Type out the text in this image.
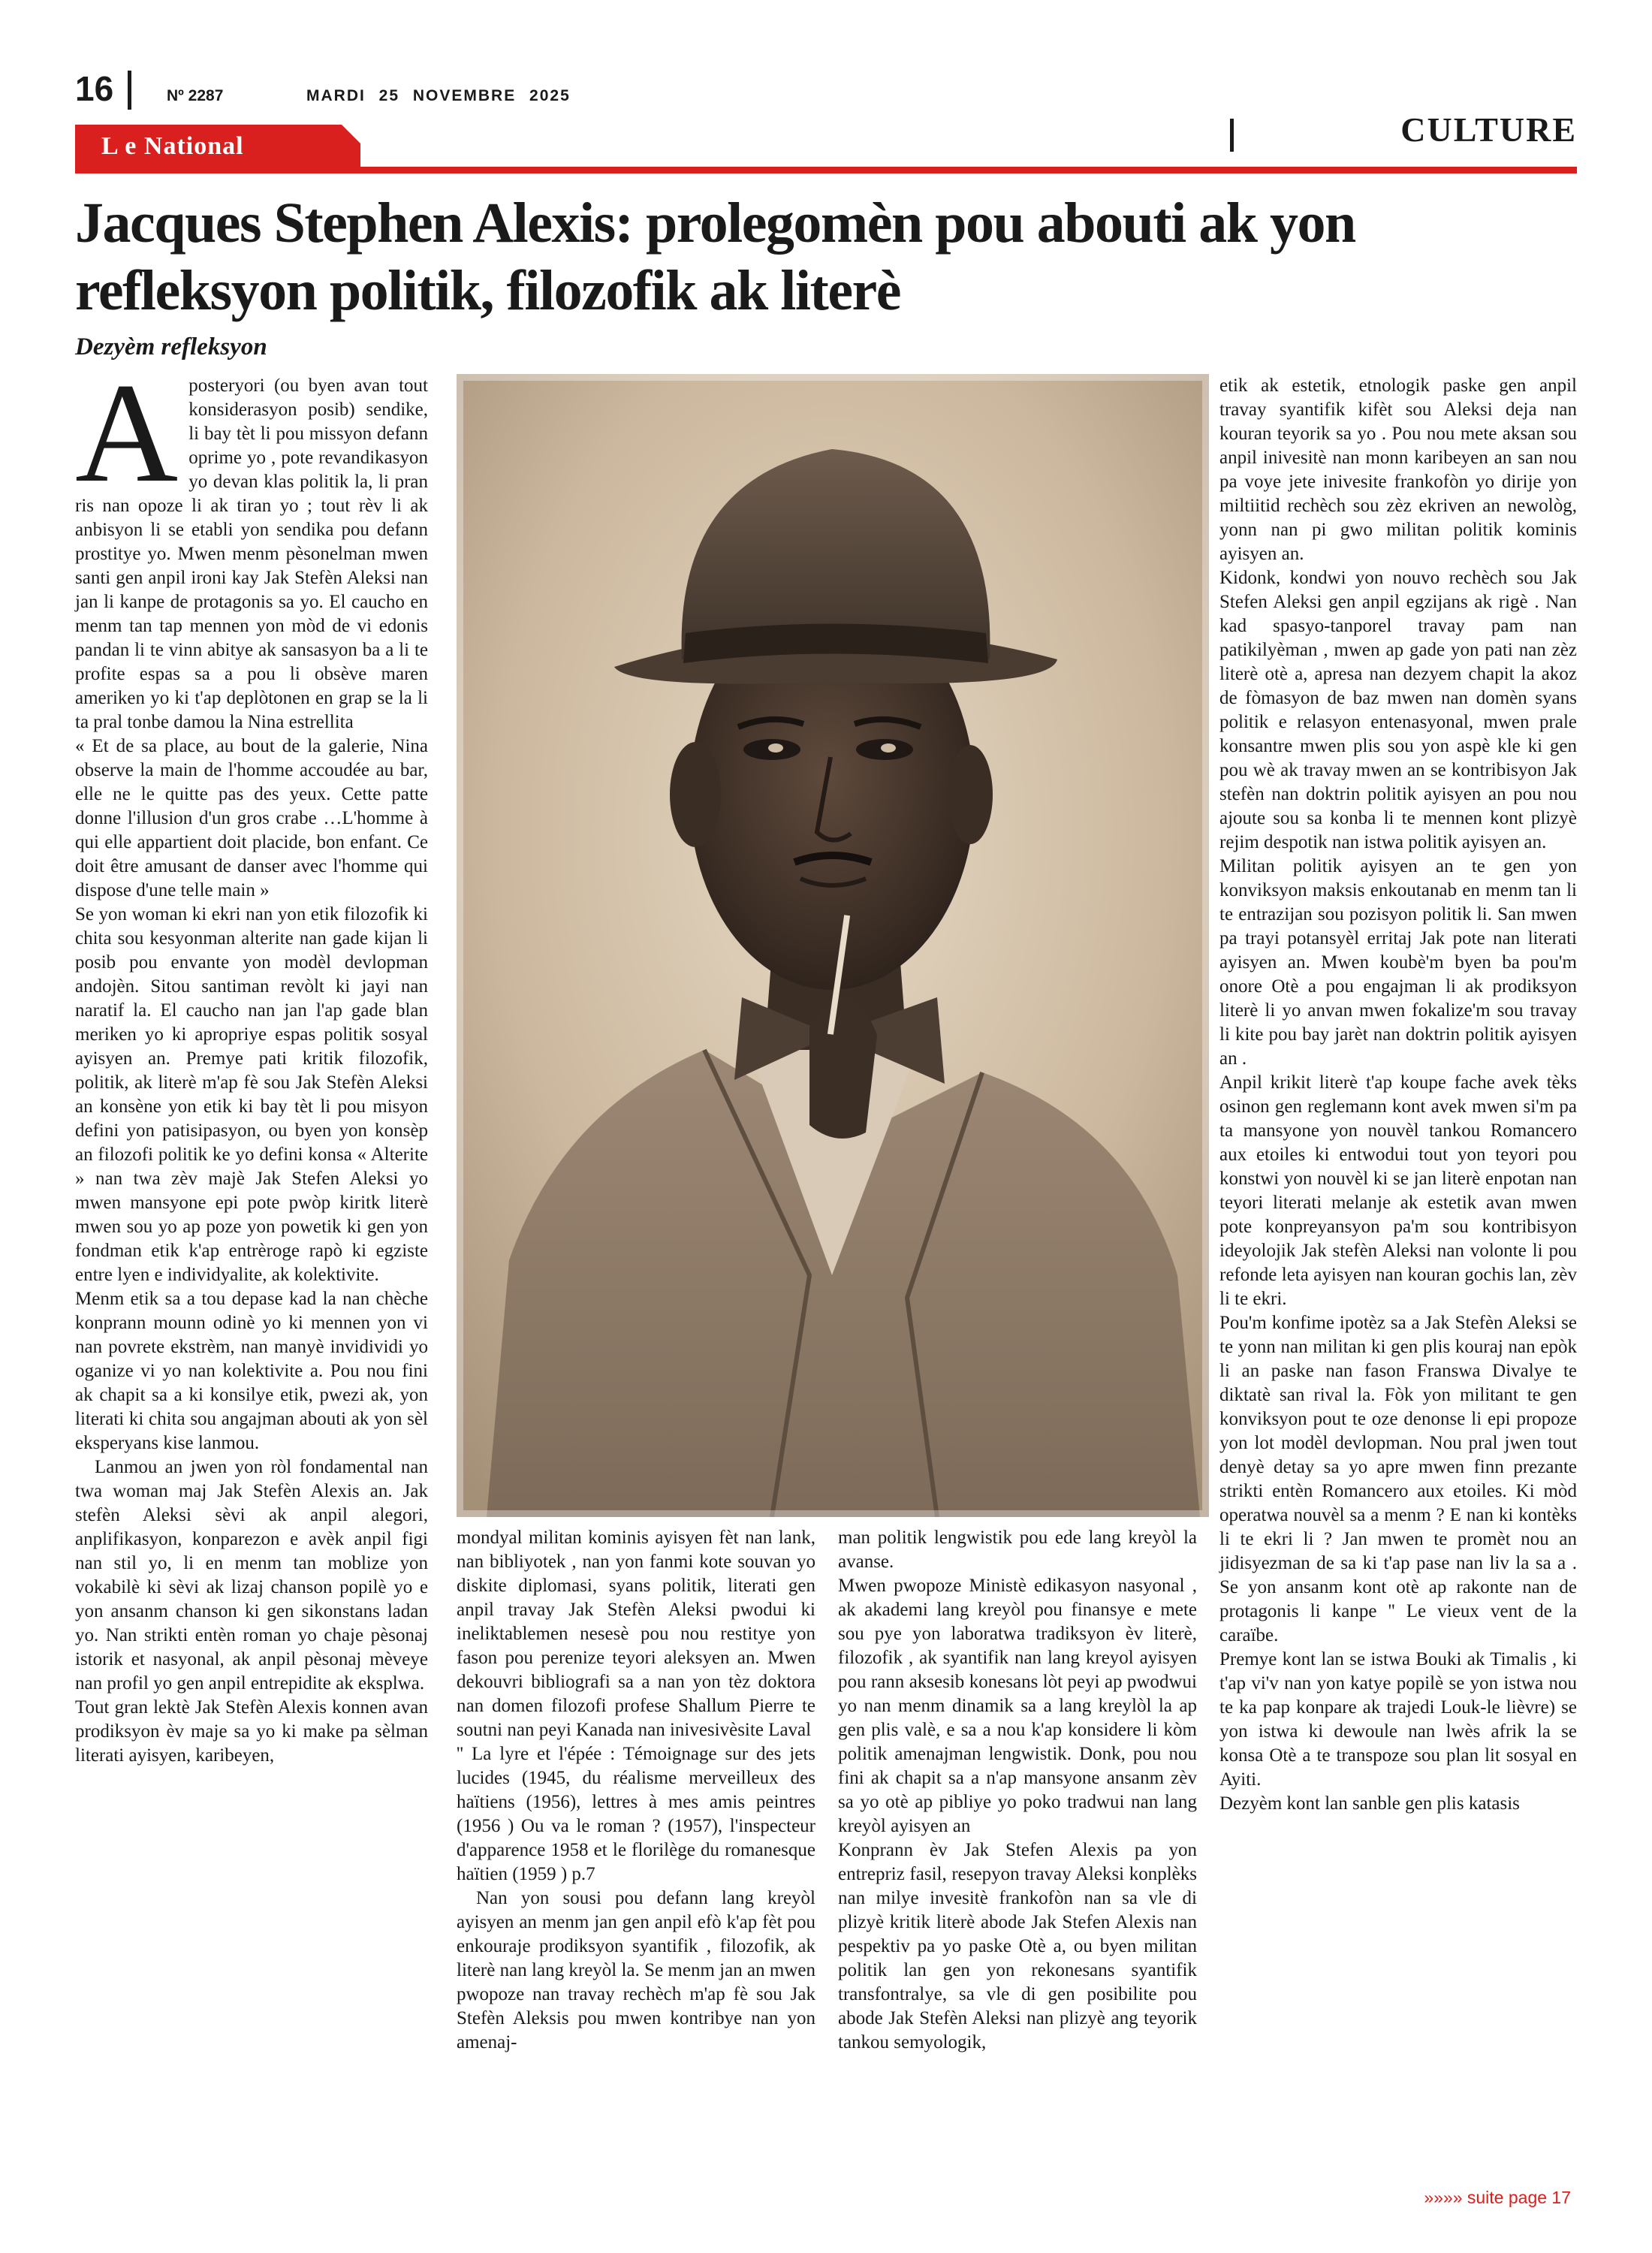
16	Nº 2287	MARDI 25 NOVEMBRE 2025
L e National	CULTURE
Jacques Stephen Alexis: prolegomèn pou abouti ak yon refleksyon politik, filozofik ak literè
Dezyèm refleksyon
A posteryori (ou byen avan tout konsiderasyon posib) sendike, li bay tèt li pou missyon defann oprime yo , pote revandikasyon yo devan klas politik la, li pran ris nan opoze li ak tiran yo ; tout rèv li ak anbisyon li se etabli yon sendika pou defann prostitye yo. Mwen menm pèsonelman mwen santi gen anpil ironi kay Jak Stefèn Aleksi nan jan li kanpe de protagonis sa yo. El caucho en menm tan tap mennen yon mòd de vi edonis pandan li te vinn abitye ak sansasyon ba a li te profite espas sa a pou li obsève maren ameriken yo ki t'ap deplòtonen en grap se la li ta pral tonbe damou la Nina estrellita

« Et de sa place, au bout de la galerie, Nina observe la main de l'homme accoudée au bar, elle ne le quitte pas des yeux. Cette patte donne l'illusion d'un gros crabe …L'homme à qui elle appartient doit placide, bon enfant. Ce doit être amusant de danser avec l'homme qui dispose d'une telle main »

Se yon woman ki ekri nan yon etik filozofik ki chita sou kesyonman alterite nan gade kijan li posib pou envante yon modèl devlopman andojèn. Sitou santiman revòlt ki jayi nan naratif la. El caucho nan jan l'ap gade blan meriken yo ki apropriye espas politik sosyal ayisyen an. Premye pati kritik filozofik, politik, ak literè m'ap fè sou Jak Stefèn Aleksi an konsène yon etik ki bay tèt li pou misyon defini yon patisipasyon, ou byen yon konsèp an filozofi politik ke yo defini konsa « Alterite » nan twa zèv majè Jak Stefen Aleksi yo mwen mansyone epi pote pwòp kiritk literè mwen sou yo ap poze yon powetik ki gen yon fondman etik k'ap entrèroge rapò ki egziste entre lyen e individyalite, ak kolektivite.

Menm etik sa a tou depase kad la nan chèche konprann mounn odinè yo ki mennen yon vi nan povrete ekstrèm, nan manyè invidividi yo oganize vi yo nan kolektivite a. Pou nou fini ak chapit sa a ki konsilye etik, pwezi ak, yon literati ki chita sou angajman abouti ak yon sèl eksperyans kise lanmou.

Lanmou an jwen yon ròl fondamental nan twa woman maj Jak Stefèn Alexis an. Jak stefèn Aleksi sèvi ak anpil alegori, anplifikasyon, konparezon e avèk anpil figi nan stil yo, li en menm tan moblize yon vokabilè ki sèvi ak lizaj chanson popilè yo e yon ansanm chanson ki gen sikonstans ladan yo. Nan strikti entèn roman yo chaje pèsonaj istorik et nasyonal, ak anpil pèsonaj mèveye nan profil yo gen anpil entrepidite ak eksplwa.

Tout gran lektè Jak Stefèn Alexis konnen avan prodiksyon èv maje sa yo ki make pa sèlman literati ayisyen, karibeyen,

mondyal militan kominis ayisyen fèt nan lank, nan bibliyotek , nan yon fanmi kote souvan yo diskite diplomasi, syans politik, literati gen anpil travay Jak Stefèn Aleksi pwodui ki ineliktablemen nesesè pou nou restitye yon fason pou perenize teyori aleksyen an. Mwen dekouvri bibliografi sa a nan yon tèz doktora nan domen filozofi profese Shallum Pierre te soutni nan peyi Kanada nan inivesivèsite Laval

'' La lyre et l'épée : Témoignage sur des jets lucides (1945, du réalisme merveilleux des haïtiens (1956), lettres à mes amis peintres (1956 ) Ou va le roman ? (1957), l'inspecteur d'apparence 1958 et le florilège du romanesque haïtien (1959 ) p.7

Nan yon sousi pou defann lang kreyòl ayisyen an menm jan gen anpil efò k'ap fèt pou enkouraje prodiksyon syantifik , filozofik, ak literè nan lang kreyòl la. Se menm jan an mwen pwopoze nan travay rechèch m'ap fè sou Jak Stefèn Aleksis pou mwen kontribye nan yon amenaj-

man politik lengwistik pou ede lang kreyòl la avanse.

Mwen pwopoze Ministè edikasyon nasyonal , ak akademi lang kreyòl pou finansye e mete sou pye yon laboratwa tradiksyon èv literè, filozofik , ak syantifik nan lang kreyol ayisyen pou rann aksesib konesans lòt peyi ap pwodwui yo nan menm dinamik sa a lang kreylòl la ap gen plis valè, e sa a nou k'ap konsidere li kòm politik amenajman lengwistik. Donk, pou nou fini ak chapit sa a n'ap mansyone ansanm zèv sa yo otè ap pibliye yo poko tradwui nan lang kreyòl ayisyen an

Konprann èv Jak Stefen Alexis pa yon entrepriz fasil, resepyon travay Aleksi konplèks nan milye invesitè frankofòn nan sa vle di plizyè kritik literè abode Jak Stefen Alexis nan pespektiv pa yo paske Otè a, ou byen militan politik lan gen yon rekonesans syantifik transfontralye, sa vle di gen posibilite pou abode Jak Stefèn Aleksi nan plizyè ang teyorik tankou semyologik,

etik ak estetik, etnologik paske gen anpil travay syantifik kifèt sou Aleksi deja nan kouran teyorik sa yo . Pou nou mete aksan sou anpil inivesitè nan monn karibeyen an san nou pa voye jete inivesite frankofòn yo dirije yon miltiitid rechèch sou zèz ekriven an newològ, yonn nan pi gwo militan politik kominis ayisyen an.

Kidonk, kondwi yon nouvo rechèch sou Jak Stefen Aleksi gen anpil egzijans ak rigè . Nan kad spasyo-tanporel travay pam nan patikilyèman , mwen ap gade yon pati nan zèz literè otè a, apresa nan dezyem chapit la akoz de fòmasyon de baz mwen nan domèn syans politik e relasyon entenasyonal, mwen prale konsantre mwen plis sou yon aspè kle ki gen pou wè ak travay mwen an se kontribisyon Jak stefèn nan doktrin politik ayisyen an pou nou ajoute sou sa konba li te mennen kont plizyè rejim despotik nan istwa politik ayisyen an.

Militan politik ayisyen an te gen yon konviksyon maksis enkoutanab en menm tan li te entrazijan sou pozisyon politik li. San mwen pa trayi potansyèl erritaj Jak pote nan literati ayisyen an. Mwen koubè'm byen ba pou'm onore Otè a pou engajman li ak prodiksyon literè li yo anvan mwen fokalize'm sou travay li kite pou bay jarèt nan doktrin politik ayisyen an .

Anpil krikit literè t'ap koupe fache avek tèks osinon gen reglemann kont avek mwen si'm pa ta mansyone yon nouvèl tankou Romancero aux etoiles ki entwodui tout yon teyori pou konstwi yon nouvèl ki se jan literè enpotan nan teyori literati melanje ak estetik avan mwen pote konpreyansyon pa'm sou kontribisyon ideyolojik Jak stefèn Aleksi nan volonte li pou refonde leta ayisyen nan kouran gochis lan, zèv li te ekri.

Pou'm konfime ipotèz sa a Jak Stefèn Aleksi se te yonn nan militan ki gen plis kouraj nan epòk li an paske nan fason Franswa Divalye te diktatè san rival la. Fòk yon militant te gen konviksyon pout te oze denonse li epi propoze yon lot modèl devlopman. Nou pral jwen tout denyè detay sa yo apre mwen finn prezante strikti entèn Romancero aux etoiles. Ki mòd operatwa nouvèl sa a menm ? E nan ki kontèks li te ekri li ? Jan mwen te promèt nou an jidisyezman de sa ki t'ap pase nan liv la sa a . Se yon ansanm kont otè ap rakonte nan de protagonis li kanpe '' Le vieux vent de la caraïbe.

Premye kont lan se istwa Bouki ak Timalis , ki t'ap vi'v nan yon katye popilè se yon istwa nou te ka pap konpare ak trajedi Louk-le lièvre) se yon istwa ki dewoule nan lwès afrik la se konsa Otè a te transpoze sou plan lit sosyal en Ayiti.

Dezyèm kont lan sanble gen plis katasis

»»»» suite page 17
